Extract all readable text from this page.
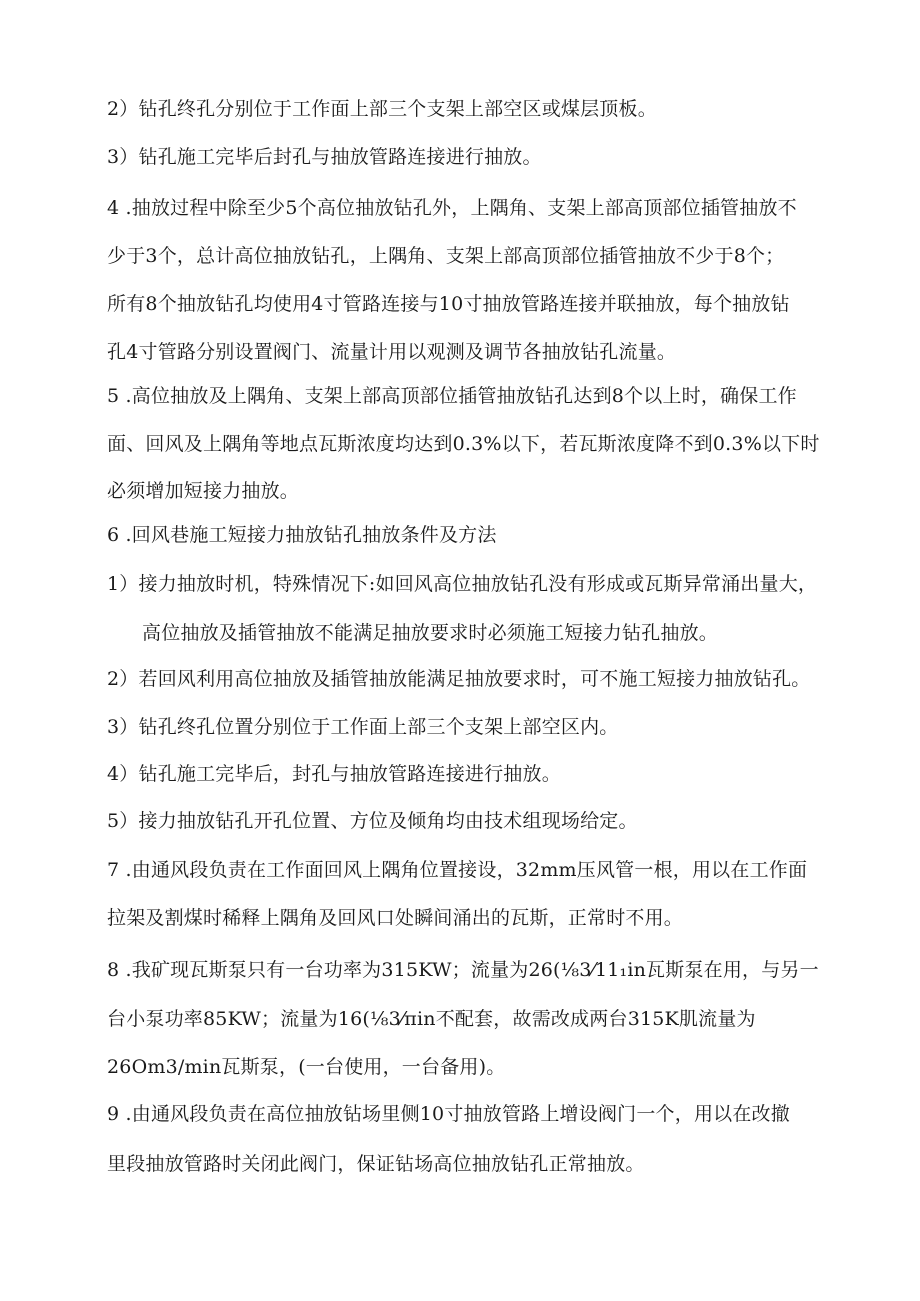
2）钻孔终孔分别位于工作面上部三个支架上部空区或煤层顶板。
3）钻孔施工完毕后封孔与抽放管路连接进行抽放。
4 .抽放过程中除至少5个高位抽放钻孔外，上隅角、支架上部高顶部位插管抽放不
少于3个，总计高位抽放钻孔，上隅角、支架上部高顶部位插管抽放不少于8个；
所有8个抽放钻孔均使用4寸管路连接与10寸抽放管路连接并联抽放，每个抽放钻
孔4寸管路分别设置阀门、流量计用以观测及调节各抽放钻孔流量。
5 .高位抽放及上隅角、支架上部高顶部位插管抽放钻孔达到8个以上时，确保工作
面、回风及上隅角等地点瓦斯浓度均达到0.3%以下，若瓦斯浓度降不到0.3%以下时
必须增加短接力抽放。
6 .回风巷施工短接力抽放钻孔抽放条件及方法
1）接力抽放时机，特殊情况下:如回风高位抽放钻孔没有形成或瓦斯异常涌出量大，
高位抽放及插管抽放不能满足抽放要求时必须施工短接力钻孔抽放。
2）若回风利用高位抽放及插管抽放能满足抽放要求时，可不施工短接力抽放钻孔。
3）钻孔终孔位置分别位于工作面上部三个支架上部空区内。
4）钻孔施工完毕后，封孔与抽放管路连接进行抽放。
5）接力抽放钻孔开孔位置、方位及倾角均由技术组现场给定。
7 .由通风段负责在工作面回风上隅角位置接设，32mm压风管一根，用以在工作面
拉架及割煤时稀释上隅角及回风口处瞬间涌出的瓦斯，正常时不用。
8 .我矿现瓦斯泵只有一台功率为315KW；流量为26(⅛3⁄11₁in瓦斯泵在用，与另一
台小泵功率85KW；流量为16(⅛3⁄πin不配套，故需改成两台315K肌流量为
26Om3/min瓦斯泵，(一台使用，一台备用)。
9 .由通风段负责在高位抽放钻场里侧10寸抽放管路上增设阀门一个，用以在改撤
里段抽放管路时关闭此阀门，保证钻场高位抽放钻孔正常抽放。
